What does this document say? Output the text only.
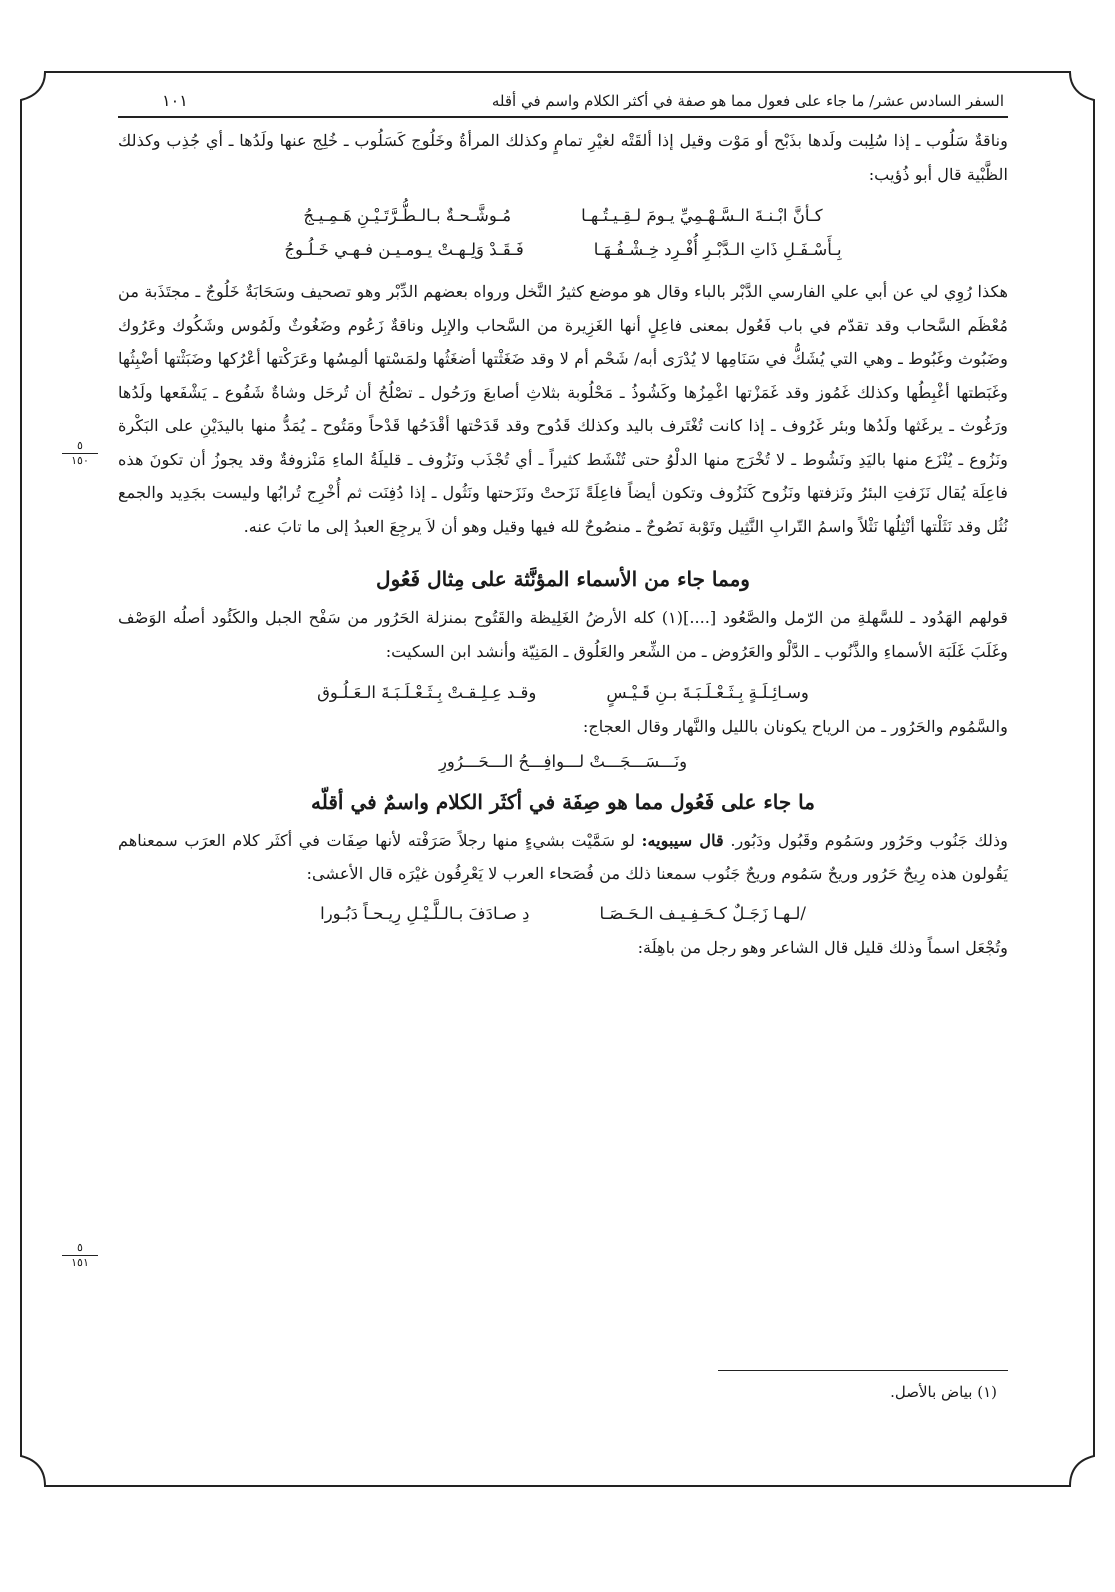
السفر السادس عشر/ ما جاء على فعول مما هو صفة في أكثر الكلام واسم في أقله
١٠١

وناقةٌ سَلُوب ـ إذا سُلِبت ولَدها بذَبْح أو مَوْت وقيل إذا ألقَتْه لغيْرِ تمامٍ وكذلك المرأةُ وخَلُوج كَسَلُوب ـ خُلِج عنها ولَدُها ـ أي جُذِب وكذلك الظَّبْية قال أبو ذُؤيب:

كـأنَّ ابْـنـةَ الـسَّـهْـمِيِّ يـومَ لـقِـيـتُـهـا
مُـوشَّـحـةٌ بـالـطُّـرَّتَـيْـنِ هَـمِـيـجُ
بِـأَسْـفَـلِ ذَاتِ الـدَّبْـرِ أُفْـرِد خِـشْـفُـهَـا
فَـقَـدْ وَلِـهـتْ يـومـيـن فـهـي خَـلُـوجُ

هكذا رُوِي لي عن أبي علي الفارسي الدَّبْر بالباء وقال هو موضع كثيرُ النَّخل ورواه بعضهم الدِّبْر وهو تصحيف وسَحَابَةٌ خَلُوجٌ ـ مجتَذَبة من مُعْظَم السَّحاب وقد تقدّم في باب فَعُول بمعنى فاعِلٍ أنها الغَزِيرة من السَّحاب والإبِل وناقةٌ زَعُوم وضَغُوثٌ ولَمُوس وشَكُوك وعَرُوك وضَبُوث وغَبُوط ـ وهي التي يُشَكُّ في سَنَامِها لا يُدْرَى أبه/ شَحْم أم لا وقد ضَغَثْتها أضغَثُها ولمَسْتها ألمِسُها وعَرَكْتها أعْرُكها وضَبَثْتها أضْبِثُها وغَبَطتها أغْبِطُها وكذلك غَمُوز وقد غَمَزْتها اغْمِزُها وكَشُوذُ ـ مَحْلُوبة بثلاثِ أصابعَ ورَحُول ـ تصْلُحُ أن تُرحَل وشاةٌ شَفُوع ـ يَشْفَعها ولَدُها ورَغُوث ـ يرغَثها ولَدُها وبئر غَرُوف ـ إذا كانت تُغْتَرف باليد وكذلك قَدُوح وقد قَدَحْتها أقْدَحُها قَدْحاً ومَتُوح ـ يُمَدُّ منها باليدَيْنِ على البَكْرة ونَزُوع ـ يُنْزَع منها باليَدِ ونَشُوط ـ لا تُخْرَج منها الدلْوُ حتى تُنْشَط كثيراً ـ أي تُجْذَب ونَزُوف ـ قليلَةُ الماءِ مَنْزوفةٌ وقد يجوزُ أن تكونَ هذه فاعِلَة يُقال نَزَفتِ البئرُ ونَزفتها ونَزُوح كَنَزُوف وتكون أيضاً فاعِلَةً نَزَحتْ ونَزَحتها ونَثُول ـ إذا دُفِنَت ثم أُخْرِج تُرابُها وليست بجَدِيد والجمع نُثُل وقد نَثَلْتها أنْثِلُها نَثْلاً واسمُ التّرابِ النَّثِيل وتَوْبة نَصُوحٌ ـ منصُوحٌ لله فيها وقيل وهو أن لاَ يرجِعَ العبدُ إلى ما تابَ عنه.

ومما جاء من الأسماء المؤنَّثة على مِثال فَعُول

قولهم الهَدُود ـ للسَّهلةِ من الرّمل والصَّعُود [....](١) كله الأرضُ الغَلِيظة والقَتُوح بمنزلة الحَرُور من سَفْح الجبل والكَئُود أصلُه الوَصْف وغَلَبَ غَلَبَة الأسماءِ والذَّنُوب ـ الدَّلْو والعَرُوض ـ من الشِّعر والعَلُوق ـ المَنِيّة وأنشد ابن السكيت:

وسـائِـلَـةٍ بِـثَـعْـلَـبَـةَ بـنِ قَـيْـسٍ
وقـد عِـلِـقـتْ بِـثَـعْـلَـبَـةَ الـعَـلُـوق

والسَّمُوم والحَرُور ـ من الرياح يكونان بالليل والنَّهار وقال العجاج:

ونَـــسَـــجَـــتْ لـــوافِـــحُ الـــحَـــرُورِ
ما جاء على فَعُول مما هو صِفَة في أكثَر الكلام واسمٌ في أقلّه

وذلك جَنُوب وحَرُور وسَمُوم وقَبُول ودَبُور. قال سيبويه: لو سَمَّيْت بشيءٍ منها رجلاً صَرَفْته لأنها صِفَات في أكثَر كلام العرَب سمعناهم يَقُولون هذه رِيحٌ حَرُور وريحٌ سَمُوم وريحٌ جَنُوب سمعنا ذلك من فُصَحاء العرب لا يَعْرِفُون غيْرَه قال الأعشى:

/لـهـا زَجَـلٌ كـحَـفِـيـف الـحَـصَـا
دِ صـادَفَ بـالـلَّـيْـلِ رِيـحـاً دَبُـورا

وتُجْعَل اسماً وذلك قليل قال الشاعر وهو رجل من باهِلَة:

٥
١٥٠
٥
١٥١
(١) بياض بالأصل.
